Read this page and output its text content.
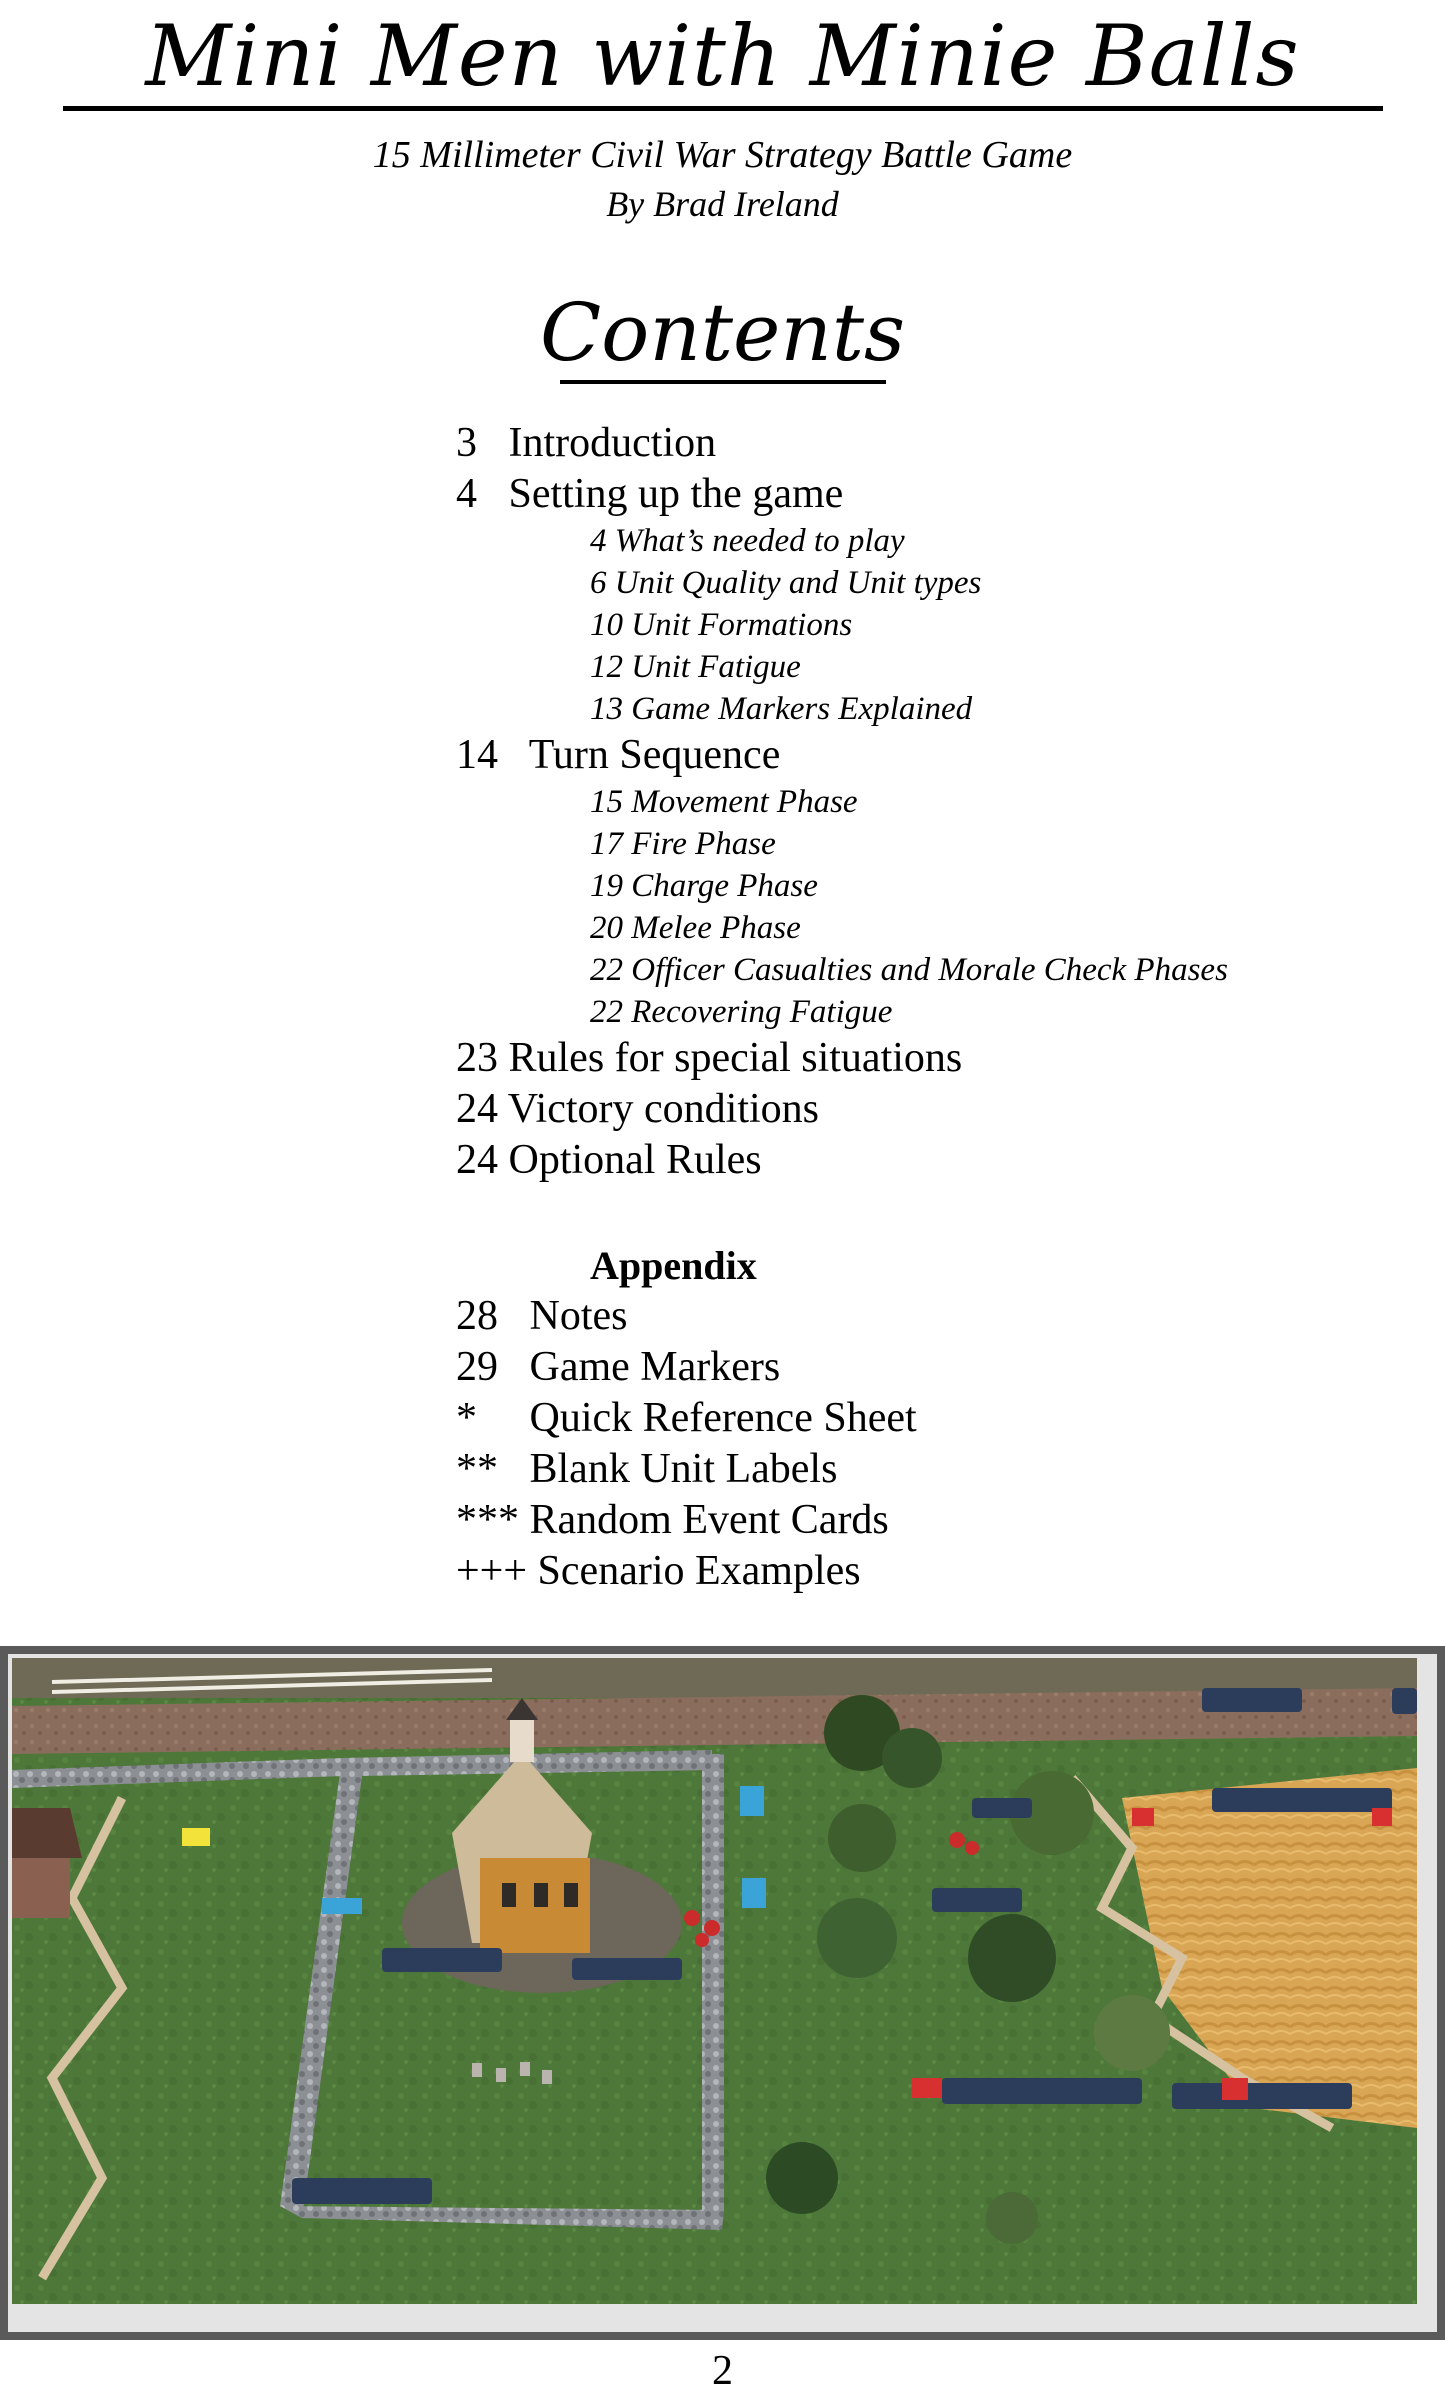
Mini Men with Minie Balls
15 Millimeter Civil War Strategy Battle Game
By Brad Ireland
Contents
3   Introduction
4   Setting up the game
4 What’s needed to play
6 Unit Quality and Unit types
10 Unit Formations
12 Unit Fatigue
13 Game Markers Explained
14   Turn Sequence
15 Movement Phase
17 Fire Phase
19 Charge Phase
20 Melee Phase
22 Officer Casualties and Morale Check Phases
22 Recovering Fatigue
23 Rules for special situations
24 Victory conditions
24 Optional Rules
Appendix
28   Notes
29   Game Markers
*     Quick Reference Sheet
**   Blank Unit Labels
*** Random Event Cards
+++ Scenario Examples
2
